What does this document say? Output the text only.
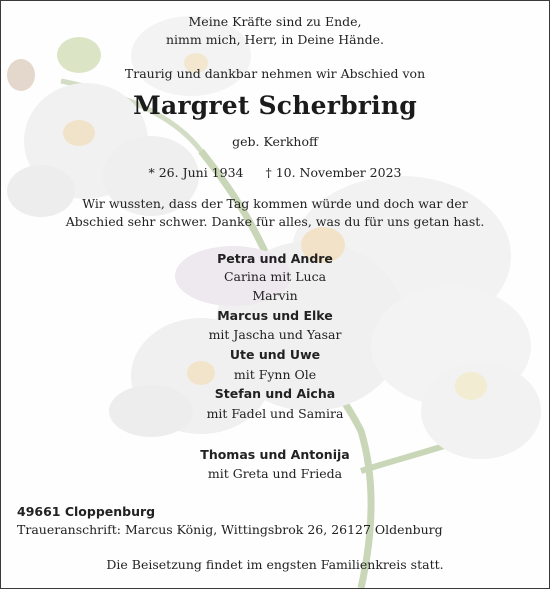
Meine Kräfte sind zu Ende,
nimm mich, Herr, in Deine Hände.
Traurig und dankbar nehmen wir Abschied von
Margret Scherbring
geb. Kerkhoff
* 26. Juni 1934 † 10. November 2023
Wir wussten, dass der Tag kommen würde und doch war der
Abschied sehr schwer. Danke für alles, was du für uns getan hast.
Petra und Andre
Carina mit Luca
Marvin
Marcus und Elke
mit Jascha und Yasar
Ute und Uwe
mit Fynn Ole
Stefan und Aicha
mit Fadel und Samira
Thomas und Antonija
mit Greta und Frieda
49661 Cloppenburg
Traueranschrift: Marcus König, Wittingsbrok 26, 26127 Oldenburg
Die Beisetzung findet im engsten Familienkreis statt.
